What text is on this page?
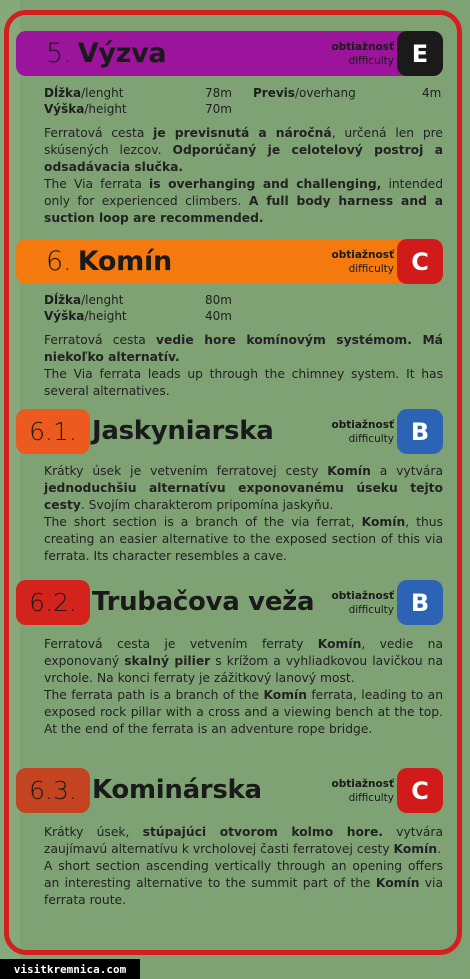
5. Výzva	obtiažnosť
difficulty E
Dĺžka/lenght	78m Previs/overhang	4m
Výška/height	70m

Ferratová cesta je previsnutá a náročná, určená len pre skúsených lezcov. Odporúčaný je celotelový postroj a odsadávacia slučka.

The Via ferrata is overhanging and challenging, intended only for experienced climbers. A full body harness and a suction loop are recommended.

6. Komín	obtiažnosť
difficulty C
Dĺžka/lenght	80m
Výška/height	40m

Ferratová cesta vedie hore komínovým systémom. Má niekoľko alternatív.

The Via ferrata leads up through the chimney system. It has several alternatives.

6.1. Jaskyniarska	obtiažnosť
difficulty B

Krátky úsek je vetvením ferratovej cesty Komín a vytvára jednoduchšiu alternatívu exponovanému úseku tejto cesty. Svojím charakterom pripomína jaskyňu.

The short section is a branch of the via ferrat, Komín, thus creating an easier alternative to the exposed section of this via ferrata. Its character resembles a cave.

6.2. Trubačova veža obtiažnosť
difficulty B

Ferratová cesta je vetvením ferraty Komín, vedie na exponovaný skalný pilier s krížom a vyhliadkovou lavičkou na vrchole. Na konci ferraty je zážitkový lanový most.

The ferrata path is a branch of the Komín ferrata, leading to an exposed rock pillar with a cross and a viewing bench at the top. At the end of the ferrata is an adventure rope bridge.

6.3. Kominárska	obtiažnosť
difficulty C

Krátky úsek, stúpajúci otvorom kolmo hore. vytvára zaujímavú alternatívu k vrcholovej časti ferratovej cesty Komín.

A short section ascending vertically through an opening offers an interesting alternative to the summit part of the Komín via ferrata route.

visitkremnica.com
